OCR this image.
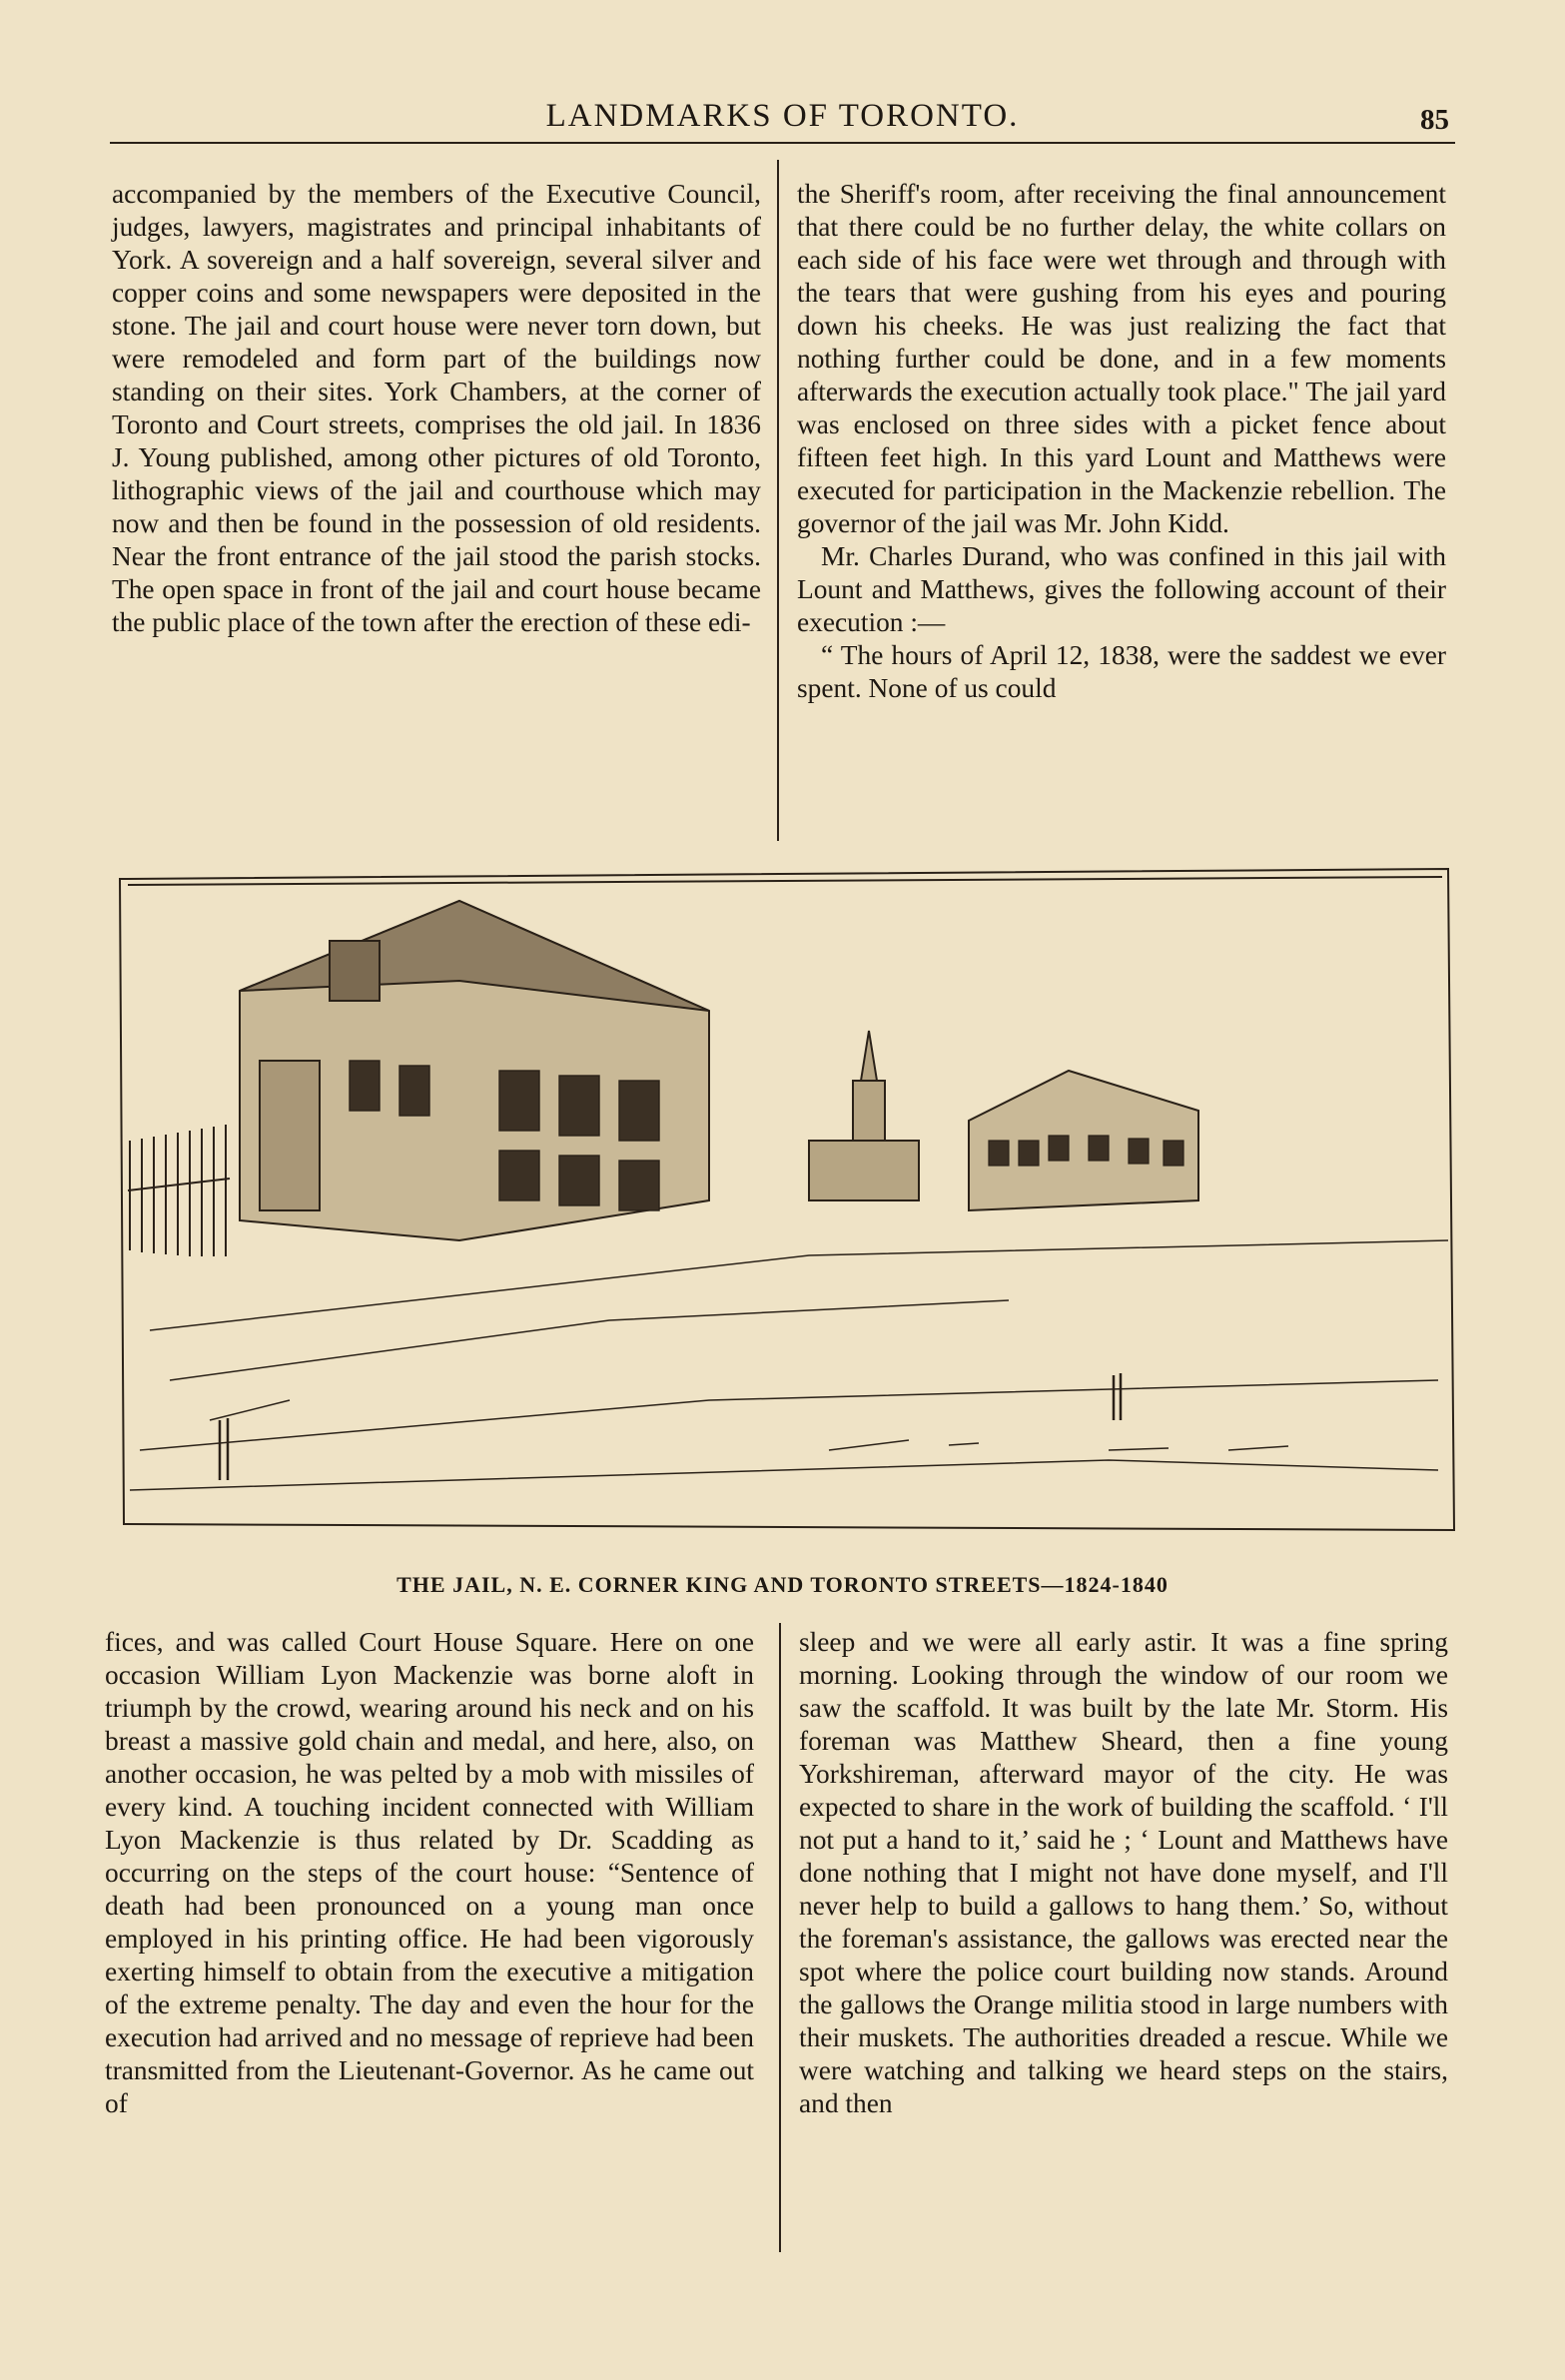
LANDMARKS OF TORONTO.	85

accompanied by the members of the Executive Council, judges, lawyers, magistrates and principal inhabitants of York. A sovereign and a half sovereign, several silver and copper coins and some newspapers were deposited in the stone. The jail and court house were never torn down, but were remodeled and form part of the buildings now standing on their sites. York Chambers, at the corner of Toronto and Court streets, comprises the old jail. In 1836 J. Young published, among other pictures of old Toronto, lithographic views of the jail and courthouse which may now and then be found in the possession of old residents. Near the front entrance of the jail stood the parish stocks. The open space in front of the jail and court house became the public place of the town after the erection of these edi-

the Sheriff's room, after receiving the final announcement that there could be no further delay, the white collars on each side of his face were wet through and through with the tears that were gushing from his eyes and pouring down his cheeks. He was just realizing the fact that nothing further could be done, and in a few moments afterwards the execution actually took place." The jail yard was enclosed on three sides with a picket fence about fifteen feet high. In this yard Lount and Matthews were executed for participation in the Mackenzie rebellion. The governor of the jail was Mr. John Kidd.

Mr. Charles Durand, who was confined in this jail with Lount and Matthews, gives the following account of their execution :—

“ The hours of April 12, 1838, were the saddest we ever spent. None of us could

THE JAIL, N. E. CORNER KING AND TORONTO STREETS—1824-1840

fices, and was called Court House Square. Here on one occasion William Lyon Mackenzie was borne aloft in triumph by the crowd, wearing around his neck and on his breast a massive gold chain and medal, and here, also, on another occasion, he was pelted by a mob with missiles of every kind. A touching incident connected with William Lyon Mackenzie is thus related by Dr. Scadding as occurring on the steps of the court house: “Sentence of death had been pronounced on a young man once employed in his printing office. He had been vigorously exerting himself to obtain from the executive a mitigation of the extreme penalty. The day and even the hour for the execution had arrived and no message of reprieve had been transmitted from the Lieutenant-Governor. As he came out of

sleep and we were all early astir. It was a fine spring morning. Looking through the window of our room we saw the scaffold. It was built by the late Mr. Storm. His foreman was Matthew Sheard, then a fine young Yorkshireman, afterward mayor of the city. He was expected to share in the work of building the scaffold. ‘ I'll not put a hand to it,’ said he ; ‘ Lount and Matthews have done nothing that I might not have done myself, and I'll never help to build a gallows to hang them.’ So, without the foreman's assistance, the gallows was erected near the spot where the police court building now stands. Around the gallows the Orange militia stood in large numbers with their muskets. The authorities dreaded a rescue. While we were watching and talking we heard steps on the stairs, and then
